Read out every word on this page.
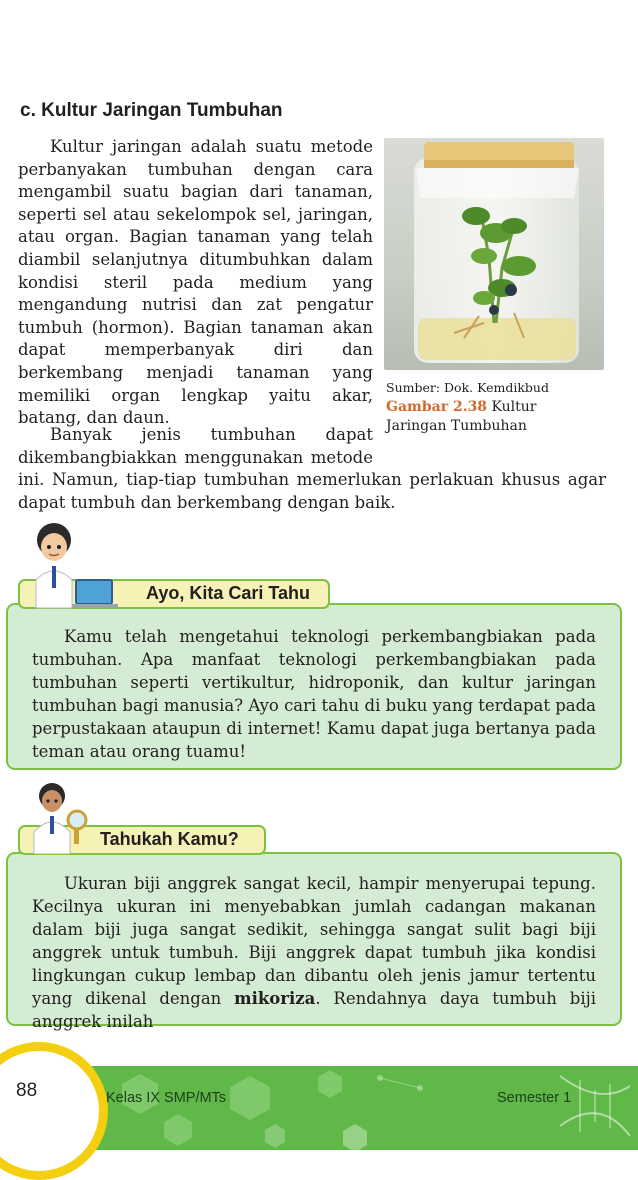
c. Kultur Jaringan Tumbuhan
Kultur jaringan adalah suatu metode perbanyakan tumbuhan dengan cara mengambil suatu bagian dari tanaman, seperti sel atau sekelompok sel, jaringan, atau organ. Bagian tanaman yang telah diambil selanjutnya ditumbuhkan dalam kondisi steril pada medium yang mengandung nutrisi dan zat pengatur tumbuh (hormon). Bagian tanaman akan dapat memperbanyak diri dan berkembang menjadi tanaman yang memiliki organ lengkap yaitu akar, batang, dan daun.
Sumber: Dok. Kemdikbud
Gambar 2.38 Kultur
Jaringan Tumbuhan
Banyak jenis tumbuhan dapat dikembangbiakkan menggunakan metode
ini. Namun, tiap-tiap tumbuhan memerlukan perlakuan khusus agar dapat tumbuh dan berkembang dengan baik.
Kamu telah mengetahui teknologi perkembangbiakan pada tumbuhan. Apa manfaat teknologi perkembangbiakan pada tumbuhan seperti vertikultur, hidroponik, dan kultur jaringan tumbuhan bagi manusia? Ayo cari tahu di buku yang terdapat pada perpustakaan ataupun di internet! Kamu dapat juga bertanya pada teman atau orang tuamu!
Ayo, Kita Cari Tahu
Ukuran biji anggrek sangat kecil, hampir menyerupai tepung. Kecilnya ukuran ini menyebabkan jumlah cadangan makanan dalam biji juga sangat sedikit, sehingga sangat sulit bagi biji anggrek untuk tumbuh. Biji anggrek dapat tumbuh jika kondisi lingkungan cukup lembap dan dibantu oleh jenis jamur tertentu yang dikenal dengan mikoriza. Rendahnya daya tumbuh biji anggrek inilah
Tahukah Kamu?
88	Kelas IX SMP/MTs	Semester 1
